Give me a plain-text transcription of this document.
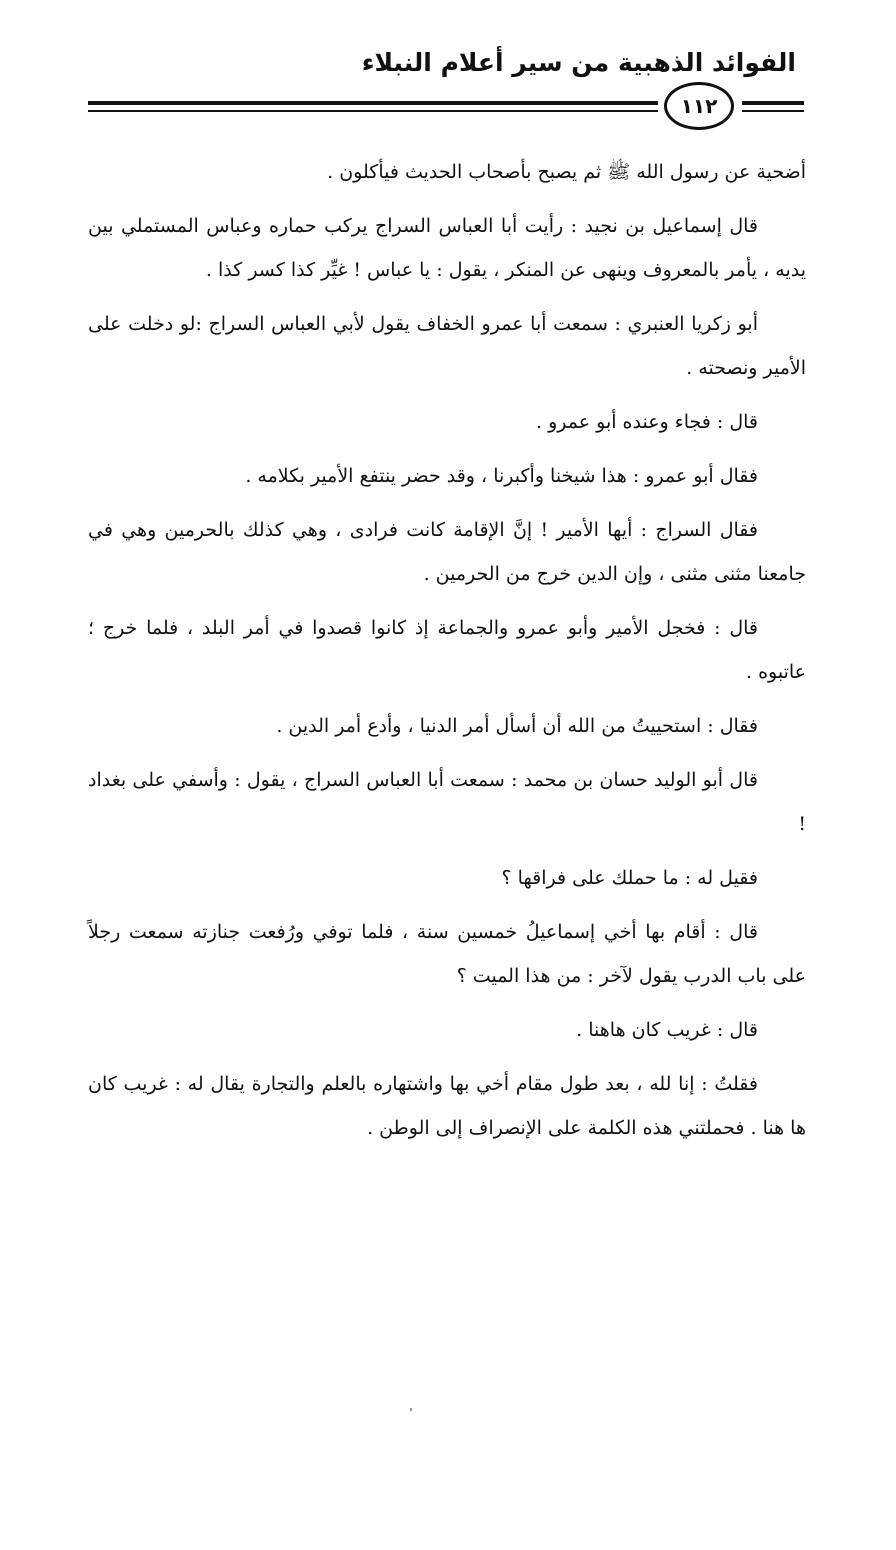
الفوائد الذهبية من سير أعلام النبلاء
١١٢

أضحية عن رسول الله ﷺ ثم يصبح بأصحاب الحديث فيأكلون .

قال إسماعيل بن نجيد : رأيت أبا العباس السراج يركب حماره وعباس المستملي بين يديه ، يأمر بالمعروف وينهى عن المنكر ، يقول : يا عباس ! غيِّر كذا كسر كذا .

أبو زكريا العنبري : سمعت أبا عمرو الخفاف يقول لأبي العباس السراج :لو دخلت على الأمير ونصحته .

قال : فجاء وعنده أبو عمرو .

فقال أبو عمرو : هذا شيخنا وأكبرنا ، وقد حضر ينتفع الأمير بكلامه .

فقال السراج : أيها الأمير ! إنَّ الإقامة كانت فرادى ، وهي كذلك بالحرمين وهي في جامعنا مثنى مثنى ، وإن الدين خرج من الحرمين .

قال : فخجل الأمير وأبو عمرو والجماعة إذ كانوا قصدوا في أمر البلد ، فلما خرج ؛ عاتبوه .

فقال : استحييتُ من الله أن أسأل أمر الدنيا ، وأدع أمر الدين .

قال أبو الوليد حسان بن محمد : سمعت أبا العباس السراج ، يقول : وأسفي على بغداد !

فقيل له : ما حملك على فراقها ؟

قال : أقام بها أخي إسماعيلُ خمسين سنة ، فلما توفي ورُفعت جنازته سمعت رجلاً على باب الدرب يقول لآخر : من هذا الميت ؟

قال : غريب كان هاهنا .

فقلتُ : إنا لله ، بعد طول مقام أخي بها واشتهاره بالعلم والتجارة يقال له : غريب كان ها هنا . فحملتني هذه الكلمة على الإنصراف إلى الوطن .
